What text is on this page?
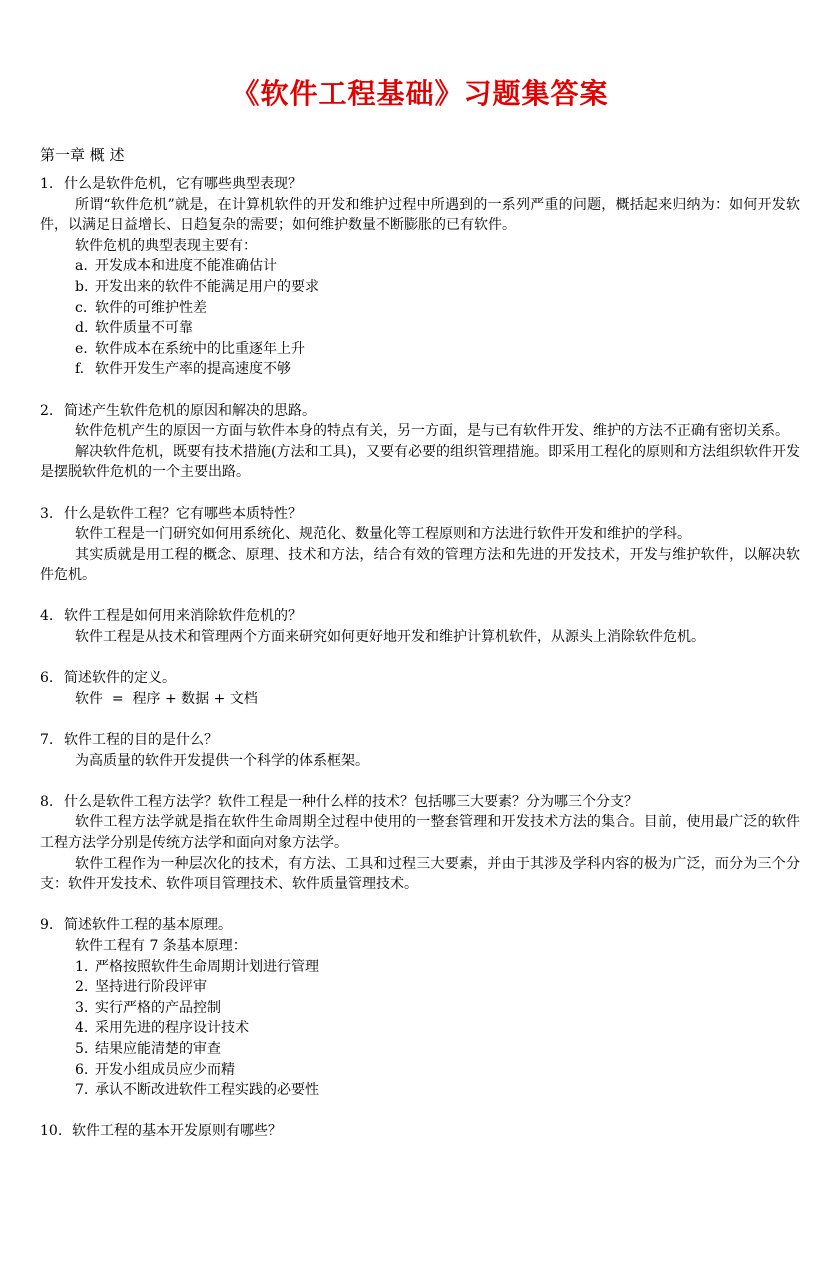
《软件工程基础》习题集答案

第一章 概 述

1. 什么是软件危机，它有哪些典型表现？

所谓“软件危机”就是，在计算机软件的开发和维护过程中所遇到的一系列严重的问题，概括起来归纳为：如何开发软件，以满足日益增长、日趋复杂的需要；如何维护数量不断膨胀的已有软件。

软件危机的典型表现主要有：

a. 开发成本和进度不能准确估计

b. 开发出来的软件不能满足用户的要求

c. 软件的可维护性差

d. 软件质量不可靠

e. 软件成本在系统中的比重逐年上升

f. 软件开发生产率的提高速度不够

2. 简述产生软件危机的原因和解决的思路。

软件危机产生的原因一方面与软件本身的特点有关，另一方面，是与已有软件开发、维护的方法不正确有密切关系。

解决软件危机，既要有技术措施(方法和工具)，又要有必要的组织管理措施。即采用工程化的原则和方法组织软件开发是摆脱软件危机的一个主要出路。

3. 什么是软件工程？它有哪些本质特性？

软件工程是一门研究如何用系统化、规范化、数量化等工程原则和方法进行软件开发和维护的学科。

其实质就是用工程的概念、原理、技术和方法，结合有效的管理方法和先进的开发技术，开发与维护软件，以解决软件危机。

4. 软件工程是如何用来消除软件危机的？

软件工程是从技术和管理两个方面来研究如何更好地开发和维护计算机软件，从源头上消除软件危机。

6. 简述软件的定义。

软件  =  程序 + 数据 + 文档

7. 软件工程的目的是什么？

为高质量的软件开发提供一个科学的体系框架。

8. 什么是软件工程方法学？软件工程是一种什么样的技术？包括哪三大要素？分为哪三个分支？

软件工程方法学就是指在软件生命周期全过程中使用的一整套管理和开发技术方法的集合。目前，使用最广泛的软件工程方法学分别是传统方法学和面向对象方法学。

软件工程作为一种层次化的技术，有方法、工具和过程三大要素，并由于其涉及学科内容的极为广泛，而分为三个分支：软件开发技术、软件项目管理技术、软件质量管理技术。

9. 简述软件工程的基本原理。

软件工程有 7 条基本原理：

1. 严格按照软件生命周期计划进行管理

2. 坚持进行阶段评审

3. 实行严格的产品控制

4. 采用先进的程序设计技术

5. 结果应能清楚的审查

6. 开发小组成员应少而精

7. 承认不断改进软件工程实践的必要性

10. 软件工程的基本开发原则有哪些？
